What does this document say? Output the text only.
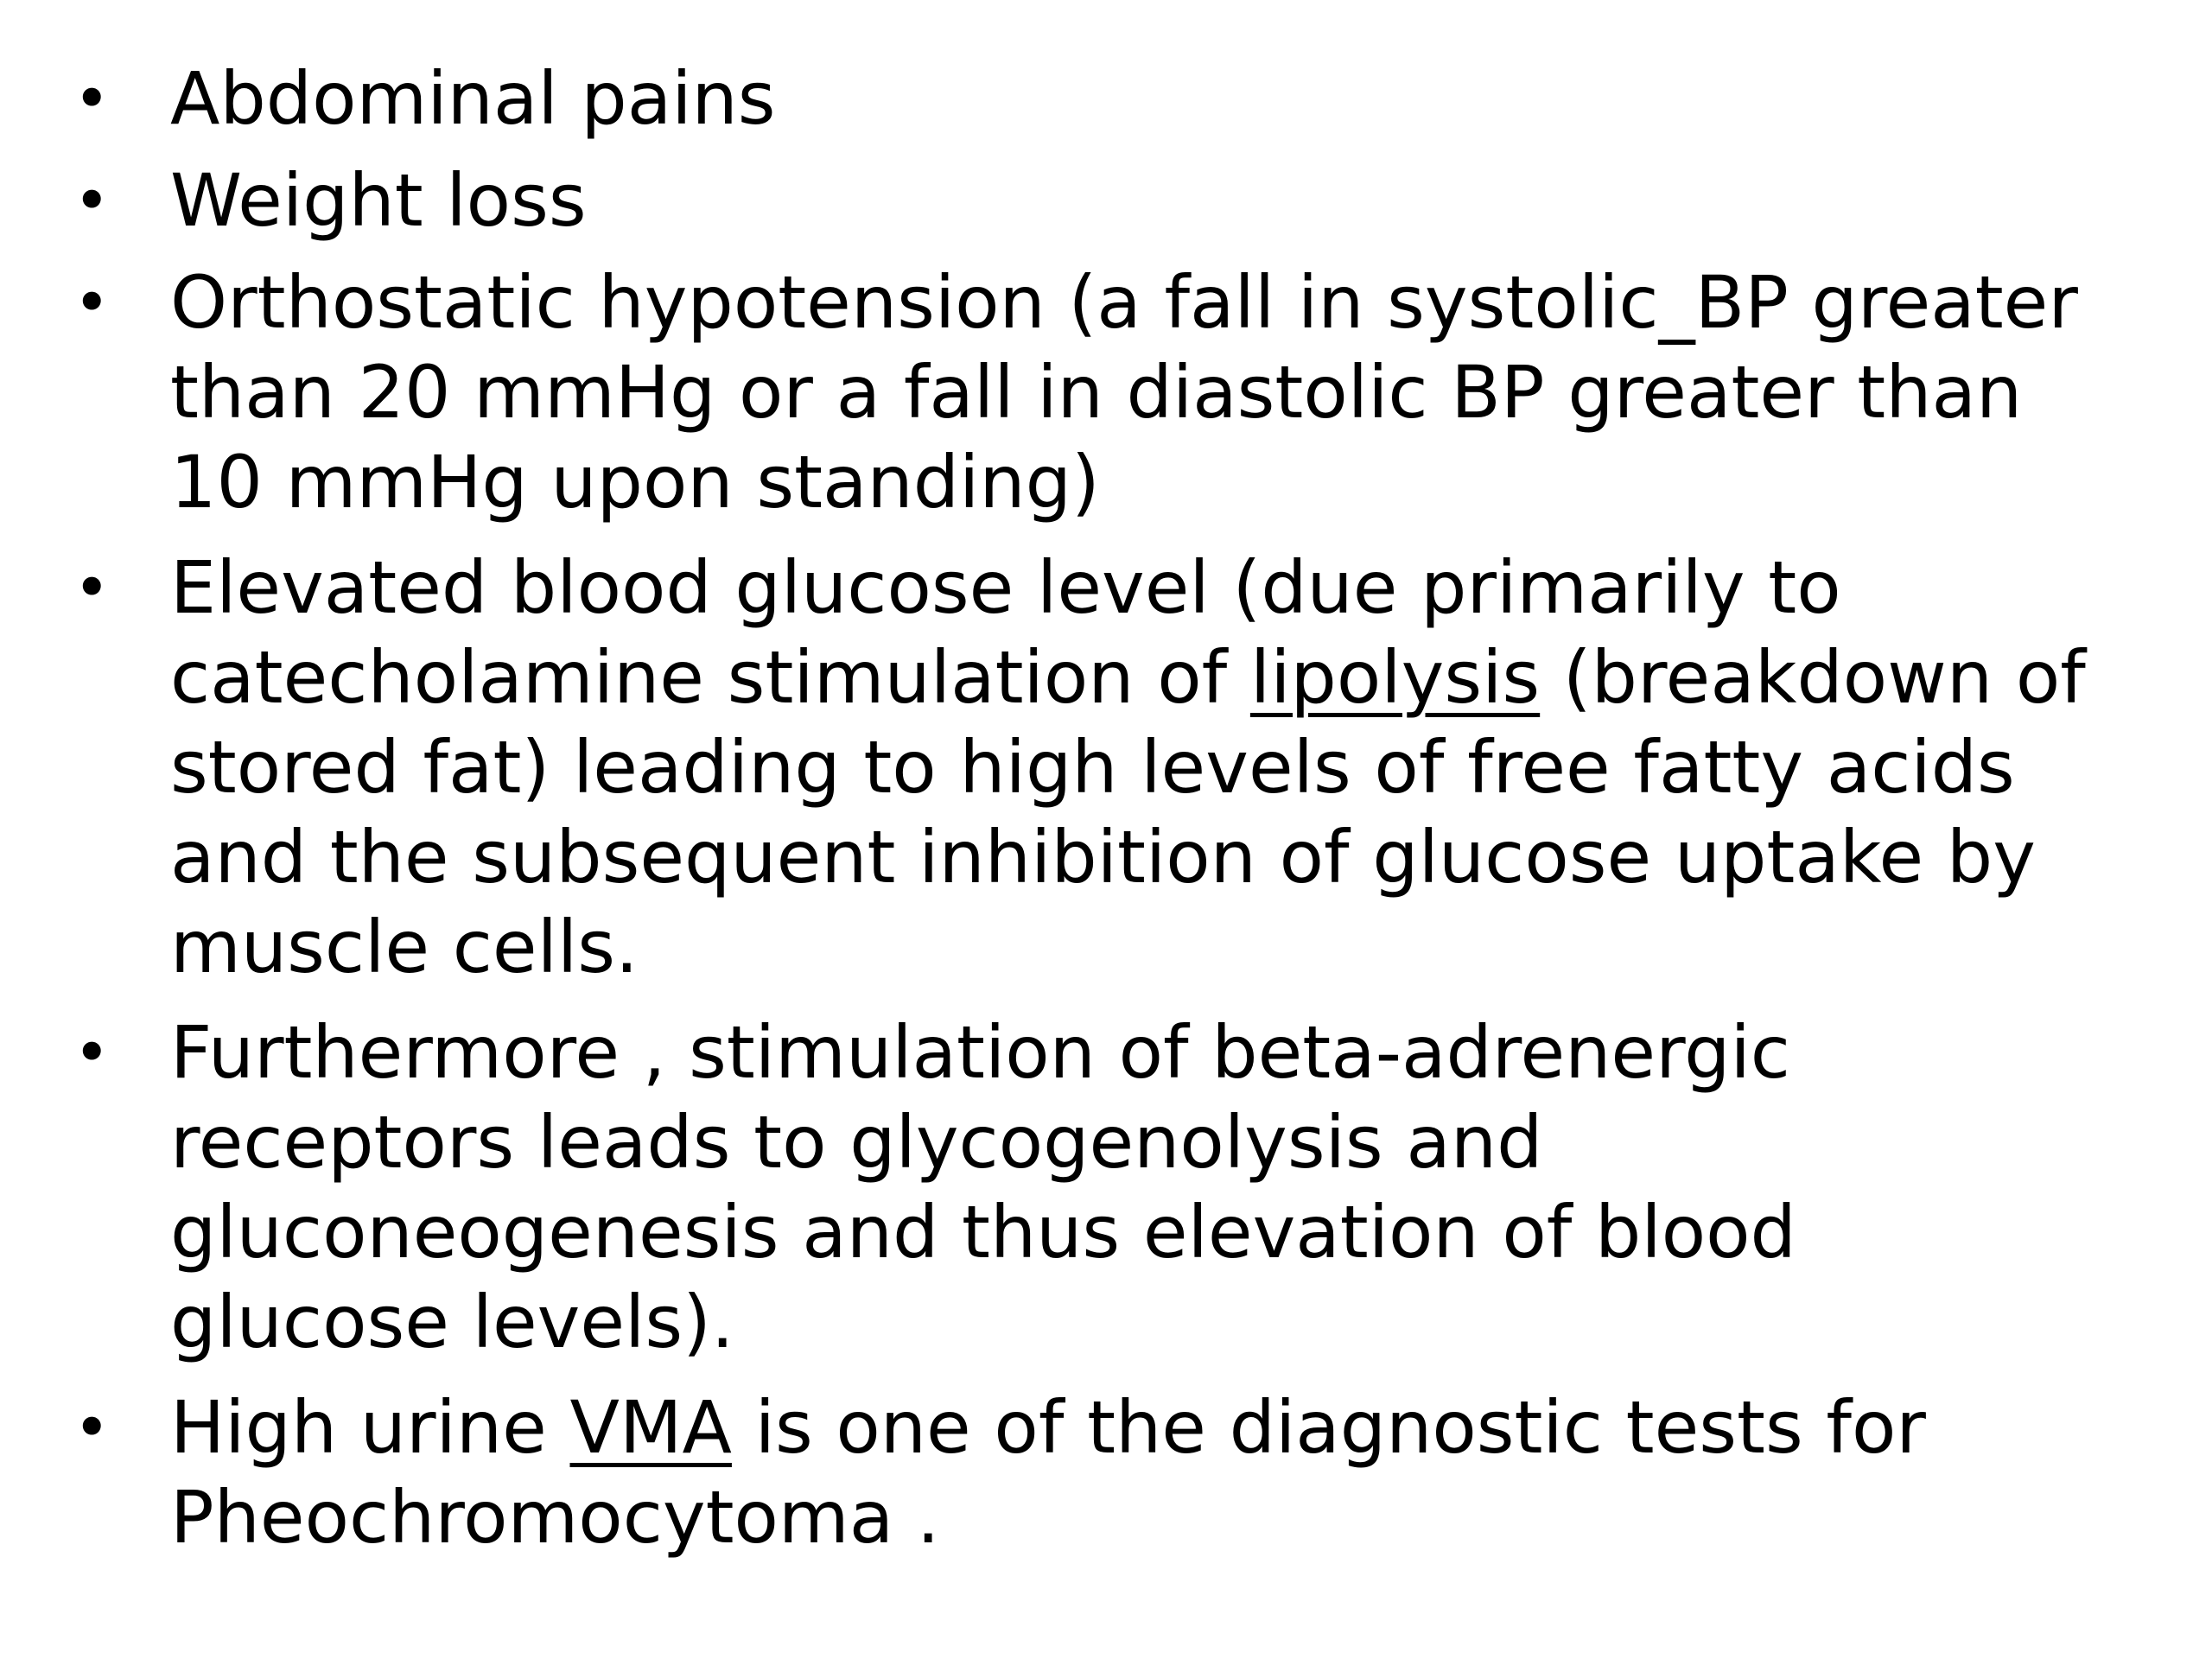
• Abdominal pains
• Weight loss
• Orthostatic hypotension (a fall in systolic_BP greater than 20 mmHg or a fall in diastolic BP greater than 10 mmHg upon standing)
• Elevated blood glucose level (due primarily to catecholamine stimulation of lipolysis (breakdown of stored fat) leading to high levels of free fatty acids and the subsequent inhibition of glucose uptake by muscle cells.
• Furthermore , stimulation of beta-adrenergic receptors leads to glycogenolysis and gluconeogenesis and thus elevation of blood glucose levels).
• High urine VMA is one of the diagnostic tests for Pheochromocytoma .
